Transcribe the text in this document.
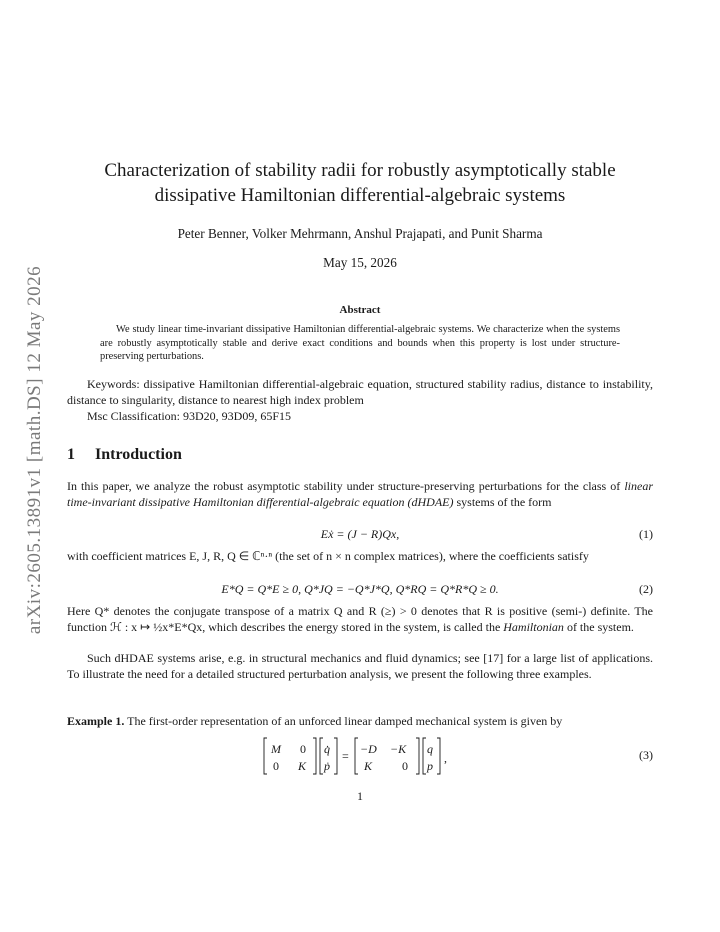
arXiv:2605.13891v1 [math.DS] 12 May 2026
Characterization of stability radii for robustly asymptotically stable
dissipative Hamiltonian differential-algebraic systems
Peter Benner, Volker Mehrmann, Anshul Prajapati, and Punit Sharma
May 15, 2026
Abstract
We study linear time-invariant dissipative Hamiltonian differential-algebraic systems. We characterize when the systems are robustly asymptotically stable and derive exact conditions and bounds when this property is lost under structure-preserving perturbations.
Keywords: dissipative Hamiltonian differential-algebraic equation, structured stability radius, distance to instability, distance to singularity, distance to nearest high index problem
Msc Classification: 93D20, 93D09, 65F15
1 Introduction
In this paper, we analyze the robust asymptotic stability under structure-preserving perturbations for the class of linear time-invariant dissipative Hamiltonian differential-algebraic equation (dHDAE) systems of the form
Eẋ = (J − R)Qx,	(1)
with coefficient matrices E, J, R, Q ∈ ℂⁿ·ⁿ (the set of n × n complex matrices), where the coefficients satisfy
E*Q = Q*E ≥ 0, Q*JQ = −Q*J*Q, Q*RQ = Q*R*Q ≥ 0.	(2)
Here Q* denotes the conjugate transpose of a matrix Q and R (≥) > 0 denotes that R is positive (semi-) definite. The function ℋ : x ↦ ½x*E*Qx, which describes the energy stored in the system, is called the Hamiltonian of the system.
Such dHDAE systems arise, e.g. in structural mechanics and fluid dynamics; see [17] for a large list of applications. To illustrate the need for a detailed structured perturbation analysis, we present the following three examples.
Example 1. The first-order representation of an unforced linear damped mechanical system is given by
M 0
0 K
q̇
ṗ
= −D −K
K 0
q
p
,	(3)
1
